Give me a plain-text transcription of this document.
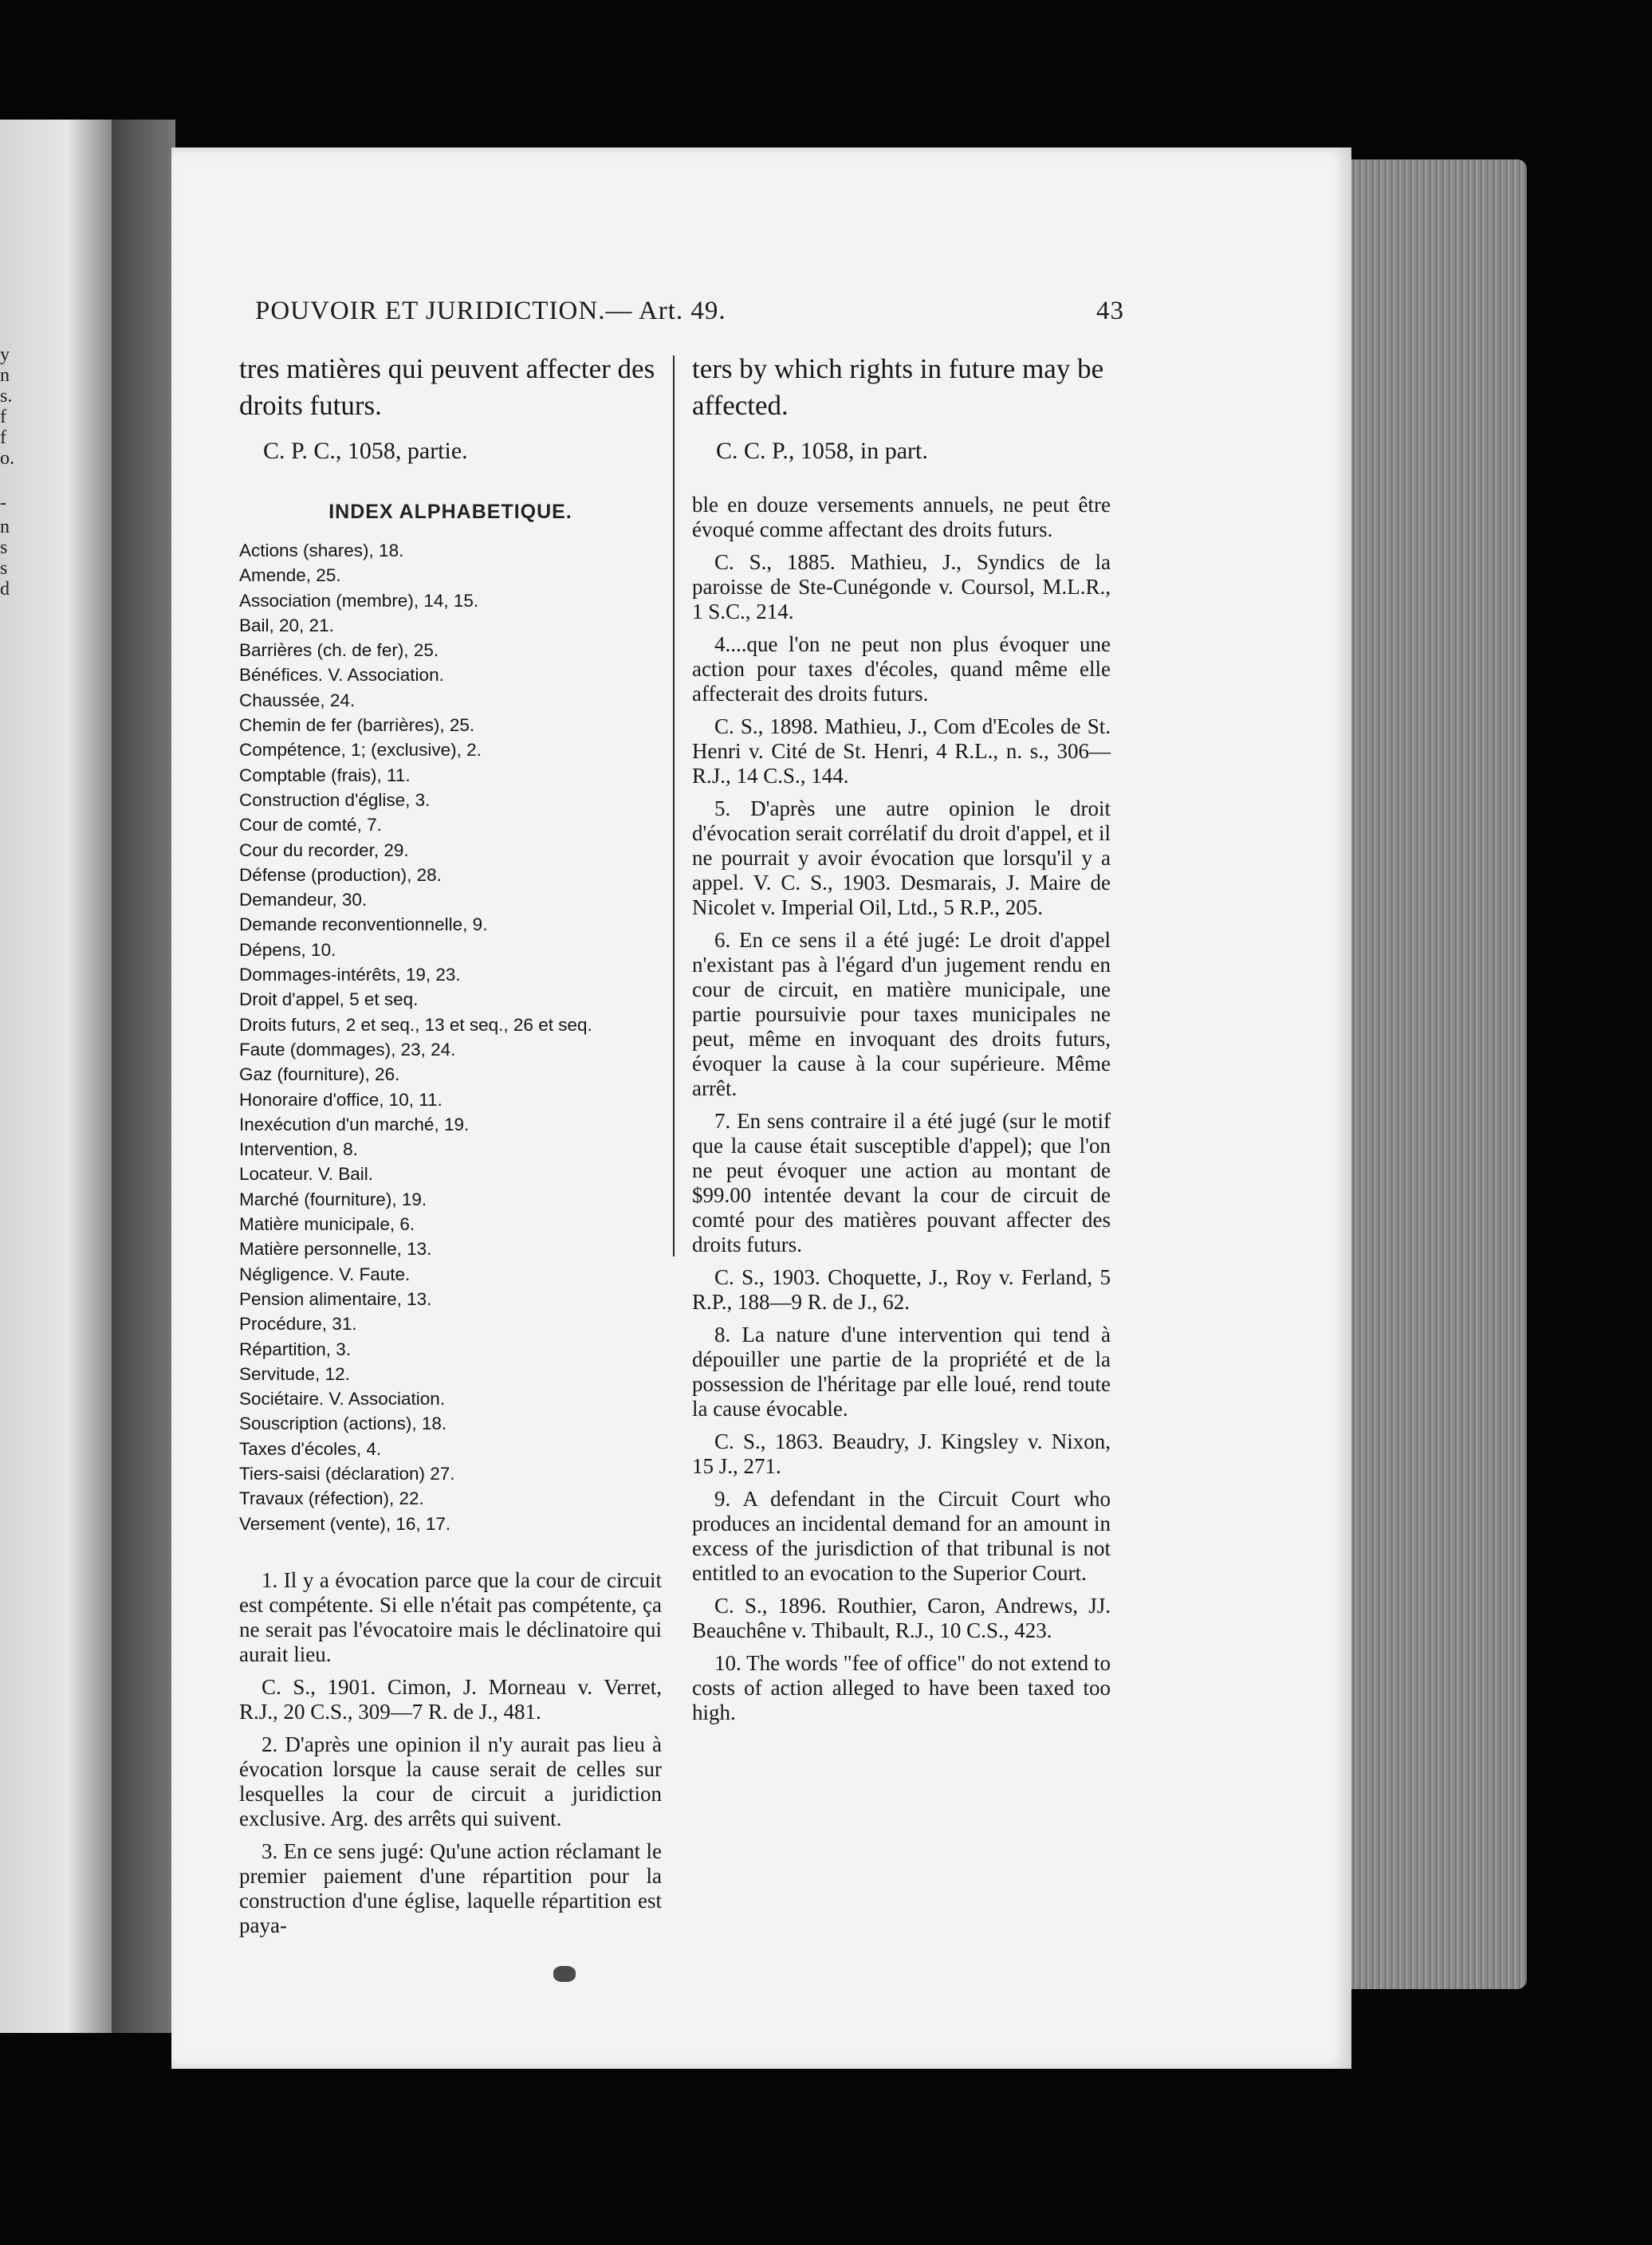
y
n
s.
f
f
o.
-
n
s
s
d
POUVOIR ET JURIDICTION.— Art. 49.	43

tres matières qui peuvent affecter des droits futurs.

C. P. C., 1058, partie.

INDEX ALPHABETIQUE.
Actions (shares), 18.
Amende, 25.
Association (membre), 14, 15.
Bail, 20, 21.
Barrières (ch. de fer), 25.
Bénéfices. V. Association.
Chaussée, 24.
Chemin de fer (barrières), 25.
Compétence, 1; (exclusive), 2.
Comptable (frais), 11.
Construction d'église, 3.
Cour de comté, 7.
Cour du recorder, 29.
Défense (production), 28.
Demandeur, 30.
Demande reconventionnelle, 9.
Dépens, 10.
Dommages-intérêts, 19, 23.
Droit d'appel, 5 et seq.
Droits futurs, 2 et seq., 13 et seq., 26 et seq.
Faute (dommages), 23, 24.
Gaz (fourniture), 26.
Honoraire d'office, 10, 11.
Inexécution d'un marché, 19.
Intervention, 8.
Locateur. V. Bail.
Marché (fourniture), 19.
Matière municipale, 6.
Matière personnelle, 13.
Négligence. V. Faute.
Pension alimentaire, 13.
Procédure, 31.
Répartition, 3.
Servitude, 12.
Sociétaire. V. Association.
Souscription (actions), 18.
Taxes d'écoles, 4.
Tiers-saisi (déclaration) 27.
Travaux (réfection), 22.
Versement (vente), 16, 17.

1. Il y a évocation parce que la cour de circuit est compétente. Si elle n'était pas compétente, ça ne serait pas l'évocatoire mais le déclinatoire qui aurait lieu.

C. S., 1901. Cimon, J. Morneau v. Verret, R.J., 20 C.S., 309—7 R. de J., 481.

2. D'après une opinion il n'y aurait pas lieu à évocation lorsque la cause serait de celles sur lesquelles la cour de circuit a juridiction exclusive. Arg. des arrêts qui suivent.

3. En ce sens jugé: Qu'une action réclamant le premier paiement d'une répartition pour la construction d'une église, laquelle répartition est paya-

ters by which rights in future may be affected.

C. C. P., 1058, in part.

ble en douze versements annuels, ne peut être évoqué comme affectant des droits futurs.

C. S., 1885. Mathieu, J., Syndics de la paroisse de Ste-Cunégonde v. Coursol, M.L.R., 1 S.C., 214.

4....que l'on ne peut non plus évoquer une action pour taxes d'écoles, quand même elle affecterait des droits futurs.

C. S., 1898. Mathieu, J., Com d'Ecoles de St. Henri v. Cité de St. Henri, 4 R.L., n. s., 306—R.J., 14 C.S., 144.

5. D'après une autre opinion le droit d'évocation serait corrélatif du droit d'appel, et il ne pourrait y avoir évocation que lorsqu'il y a appel. V. C. S., 1903. Desmarais, J. Maire de Nicolet v. Imperial Oil, Ltd., 5 R.P., 205.

6. En ce sens il a été jugé: Le droit d'appel n'existant pas à l'égard d'un jugement rendu en cour de circuit, en matière municipale, une partie poursuivie pour taxes municipales ne peut, même en invoquant des droits futurs, évoquer la cause à la cour supérieure. Même arrêt.

7. En sens contraire il a été jugé (sur le motif que la cause était susceptible d'appel); que l'on ne peut évoquer une action au montant de $99.00 intentée devant la cour de circuit de comté pour des matières pouvant affecter des droits futurs.

C. S., 1903. Choquette, J., Roy v. Ferland, 5 R.P., 188—9 R. de J., 62.

8. La nature d'une intervention qui tend à dépouiller une partie de la propriété et de la possession de l'héritage par elle loué, rend toute la cause évocable.

C. S., 1863. Beaudry, J. Kingsley v. Nixon, 15 J., 271.

9. A defendant in the Circuit Court who produces an incidental demand for an amount in excess of the jurisdiction of that tribunal is not entitled to an evocation to the Superior Court.

C. S., 1896. Routhier, Caron, Andrews, JJ. Beauchêne v. Thibault, R.J., 10 C.S., 423.

10. The words "fee of office" do not extend to costs of action alleged to have been taxed too high.
